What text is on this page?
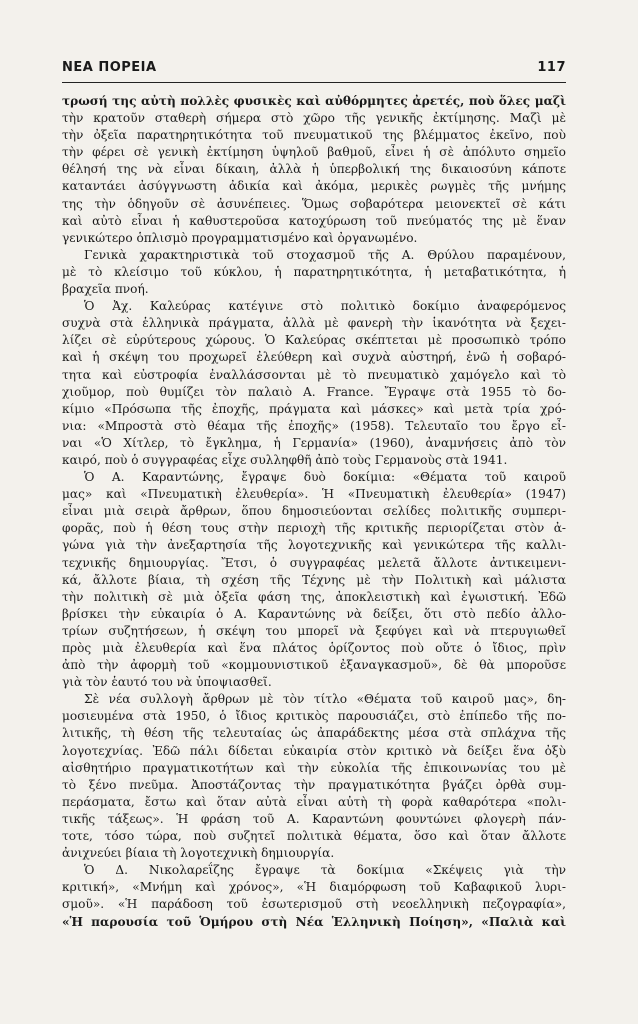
ΝΕΑ ΠΟΡΕΙΑ	117

τρωσή της αὐτὴ πολλὲς φυσικὲς καὶ αὐθόρμητες ἀρετές, ποὺ ὅλες μαζὶ

τὴν κρατοῦν σταθερὴ σήμερα στὸ χῶρο τῆς γενικῆς ἐκτίμησης. Μαζὶ μὲ

τὴν ὀξεῖα παρατηρητικότητα τοῦ πνευματικοῦ της βλέμματος ἐκεῖνο, ποὺ

τὴν φέρει σὲ γενικὴ ἐκτίμηση ὑψηλοῦ βαθμοῦ, εἶνει ἡ σὲ ἀπόλυτο σημεῖο

θέλησή της νὰ εἶναι δίκαιη, ἀλλὰ ἡ ὑπερβολική της δικαιοσύνη κάποτε

καταντάει ἀσύγγνωστη ἀδικία καὶ ἀκόμα, μερικὲς ρωγμὲς τῆς μνήμης

της τὴν ὁδηγοῦν σὲ ἀσυνέπειες. Ὅμως σοβαρότερα μειονεκτεῖ σὲ κάτι

καὶ αὐτὸ εἶναι ἡ καθυστεροῦσα κατοχύρωση τοῦ πνεύματός της μὲ ἕναν

γενικώτερο ὁπλισμὸ προγραμματισμένο καὶ ὀργανωμένο.

Γενικὰ χαρακτηριστικὰ τοῦ στοχασμοῦ τῆς Α. Θρύλου παραμένουν,

μὲ τὸ κλείσιμο τοῦ κύκλου, ἡ παρατηρητικότητα, ἡ μεταβατικότητα, ἡ

βραχεῖα πνοή.

Ὁ Ἀχ. Καλεύρας κατέγινε στὸ πολιτικὸ δοκίμιο ἀναφερόμενος

συχνὰ στὰ ἑλληνικὰ πράγματα, ἀλλὰ μὲ φανερὴ τὴν ἱκανότητα νὰ ξεχει-

λίζει σὲ εὐρύτερους χώρους. Ὁ Καλεύρας σκέπτεται μὲ προσωπικὸ τρόπο

καὶ ἡ σκέψη του προχωρεῖ ἐλεύθερη καὶ συχνὰ αὐστηρή, ἐνῶ ἡ σοβαρό-

τητα καὶ εὐστροφία ἐναλλάσσονται μὲ τὸ πνευματικὸ χαμόγελο καὶ τὸ

χιοῦμορ, ποὺ θυμίζει τὸν παλαιὸ Α. France. Ἔγραψε στὰ 1955 τὸ δο-

κίμιο «Πρόσωπα τῆς ἐποχῆς, πράγματα καὶ μάσκες» καὶ μετὰ τρία χρό-

νια: «Μπροστὰ στὸ θέαμα τῆς ἐποχῆς» (1958). Τελευταῖο του ἔργο εἶ-

ναι «Ὁ Χίτλερ, τὸ ἔγκλημα, ἡ Γερμανία» (1960), ἀναμνήσεις ἀπὸ τὸν

καιρό, ποὺ ὁ συγγραφέας εἶχε συλληφθῆ ἀπὸ τοὺς Γερμανοὺς στὰ 1941.

Ὁ Α. Καραντώνης, ἔγραψε δυὸ δοκίμια: «Θέματα τοῦ καιροῦ

μας» καὶ «Πνευματικὴ ἐλευθερία». Ἡ «Πνευματικὴ ἐλευθερία» (1947)

εἶναι μιὰ σειρὰ ἄρθρων, ὅπου δημοσιεύονται σελίδες πολιτικῆς συμπερι-

φορᾶς, ποὺ ἡ θέση τους στὴν περιοχὴ τῆς κριτικῆς περιορίζεται στὸν ἀ-

γώνα γιὰ τὴν ἀνεξαρτησία τῆς λογοτεχνικῆς καὶ γενικώτερα τῆς καλλι-

τεχνικῆς δημιουργίας. Ἔτσι, ὁ συγγραφέας μελετᾶ ἄλλοτε ἀντικειμενι-

κά, ἄλλοτε βίαια, τὴ σχέση τῆς Τέχνης μὲ τὴν Πολιτικὴ καὶ μάλιστα

τὴν πολιτικὴ σὲ μιὰ ὀξεῖα φάση της, ἀποκλειστικὴ καὶ ἐγωιστική. Ἐδῶ

βρίσκει τὴν εὐκαιρία ὁ Α. Καραντώνης νὰ δείξει, ὅτι στὸ πεδίο ἀλλο-

τρίων συζητήσεων, ἡ σκέψη του μπορεῖ νὰ ξεφύγει καὶ νὰ πτερυγιωθεῖ

πρὸς μιὰ ἐλευθερία καὶ ἕνα πλάτος ὁρίζοντος ποὺ οὔτε ὁ ἴδιος, πρὶν

ἀπὸ τὴν ἀφορμὴ τοῦ «κομμουνιστικοῦ ἐξαναγκασμοῦ», δὲ θὰ μποροῦσε

γιὰ τὸν ἑαυτό του νὰ ὑποψιασθεῖ.

Σὲ νέα συλλογὴ ἄρθρων μὲ τὸν τίτλο «Θέματα τοῦ καιροῦ μας», δη-

μοσιευμένα στὰ 1950, ὁ ἴδιος κριτικὸς παρουσιάζει, στὸ ἐπίπεδο τῆς πο-

λιτικῆς, τὴ θέση τῆς τελευταίας ὡς ἀπαράδεκτης μέσα στὰ σπλάχνα τῆς

λογοτεχνίας. Ἐδῶ πάλι δίδεται εὐκαιρία στὸν κριτικὸ νὰ δείξει ἕνα ὀξὺ

αἰσθητήριο πραγματικοτήτων καὶ τὴν εὐκολία τῆς ἐπικοινωνίας του μὲ

τὸ ξένο πνεῦμα. Ἀποστάζοντας τὴν πραγματικότητα βγάζει ὀρθὰ συμ-

περάσματα, ἔστω καὶ ὅταν αὐτὰ εἶναι αὐτὴ τὴ φορὰ καθαρότερα «πολι-

τικῆς τάξεως». Ἡ φράση τοῦ Α. Καραντώνη φουντώνει φλογερὴ πάν-

τοτε, τόσο τώρα, ποὺ συζητεῖ πολιτικὰ θέματα, ὅσο καὶ ὅταν ἄλλοτε

ἀνιχνεύει βίαια τὴ λογοτεχνικὴ δημιουργία.

Ὁ Δ. Νικολαρεΐζης ἔγραψε τὰ δοκίμια «Σκέψεις γιὰ τὴν

κριτική», «Μνήμη καὶ χρόνος», «Ἡ διαμόρφωση τοῦ Καβαφικοῦ λυρι-

σμοῦ». «Ἡ παράδοση τοῦ ἐσωτερισμοῦ στὴ νεοελληνικὴ πεζογραφία»,

«Ἡ παρουσία τοῦ Ὁμήρου στὴ Νέα Ἑλληνικὴ Ποίηση», «Παλιὰ καὶ
